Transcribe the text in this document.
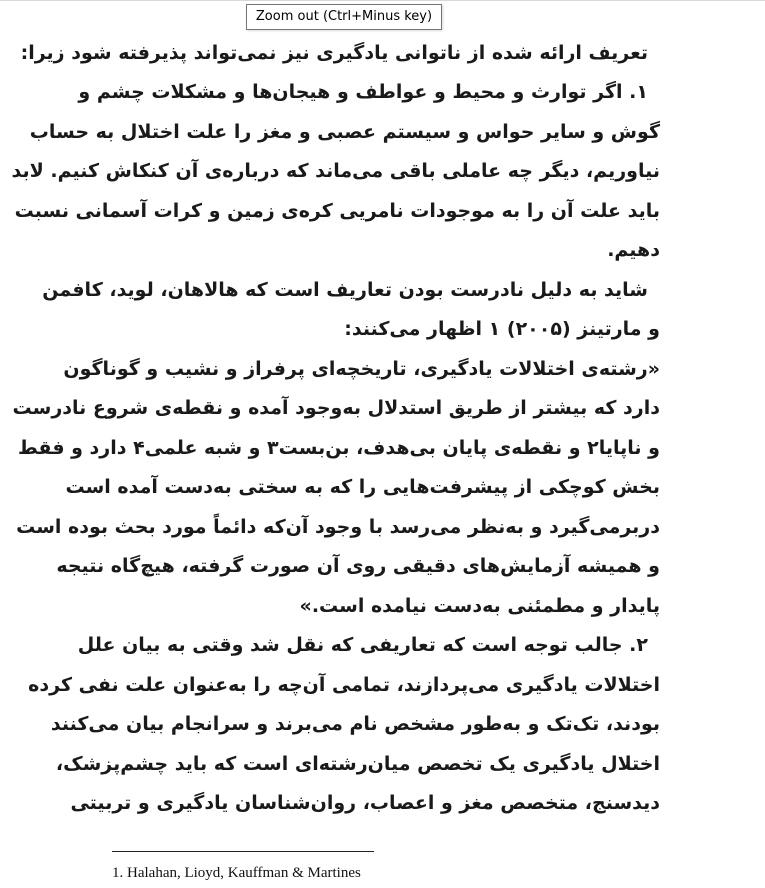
تعریف ارائه شده از ناتوانی یادگیری نیز نمی‌تواند پذیرفته شود زیرا:
۱. اگر توارث و محیط و عواطف و هیجان‌ها و مشکلات چشم و
گوش و سایر حواس و سیستم عصبی و مغز را علت اختلال به حساب
نیاوریم، دیگر چه عاملی باقی می‌ماند که درباره‌ی آن کنکاش کنیم. لابد
باید علت آن را به موجودات نامریی کره‌ی زمین و کرات آسمانی نسبت
دهیم.
شاید به دلیل نادرست بودن تعاریف است که هالاهان، لوید، کافمن
و مارتینز (۲۰۰۵) ۱ اظهار می‌کنند:
«رشته‌ی اختلالات یادگیری، تاریخچه‌ای پرفراز و نشیب و گوناگون
دارد که بیشتر از طریق استدلال به‌وجود آمده و نقطه‌ی شروع نادرست
و ناپایا۲ و نقطه‌ی پایان بی‌هدف، بن‌بست۳ و شبه علمی۴ دارد و فقط
بخش کوچکی از پیشرفت‌هایی را که به سختی به‌دست آمده است
دربرمی‌گیرد و به‌نظر می‌رسد با وجود آن‌که دائماً مورد بحث بوده است
و همیشه آزمایش‌های دقیقی روی آن صورت گرفته، هیچ‌گاه نتیجه
پایدار و مطمئنی به‌دست نیامده است.»
۲. جالب توجه است که تعاریفی که نقل شد وقتی به بیان علل
اختلالات یادگیری می‌پردازند، تمامی آن‌چه را به‌عنوان علت نفی کرده
بودند، تک‌تک و به‌طور مشخص نام می‌برند و سرانجام بیان می‌کنند
اختلال یادگیری یک تخصص میان‌رشته‌ای است که باید چشم‌پزشک،
دیدسنج، متخصص مغز و اعصاب، روان‌شناسان یادگیری و تربیتی
1. Halahan, Lioyd, Kauffman & Martines
Zoom out (Ctrl+Minus key)
